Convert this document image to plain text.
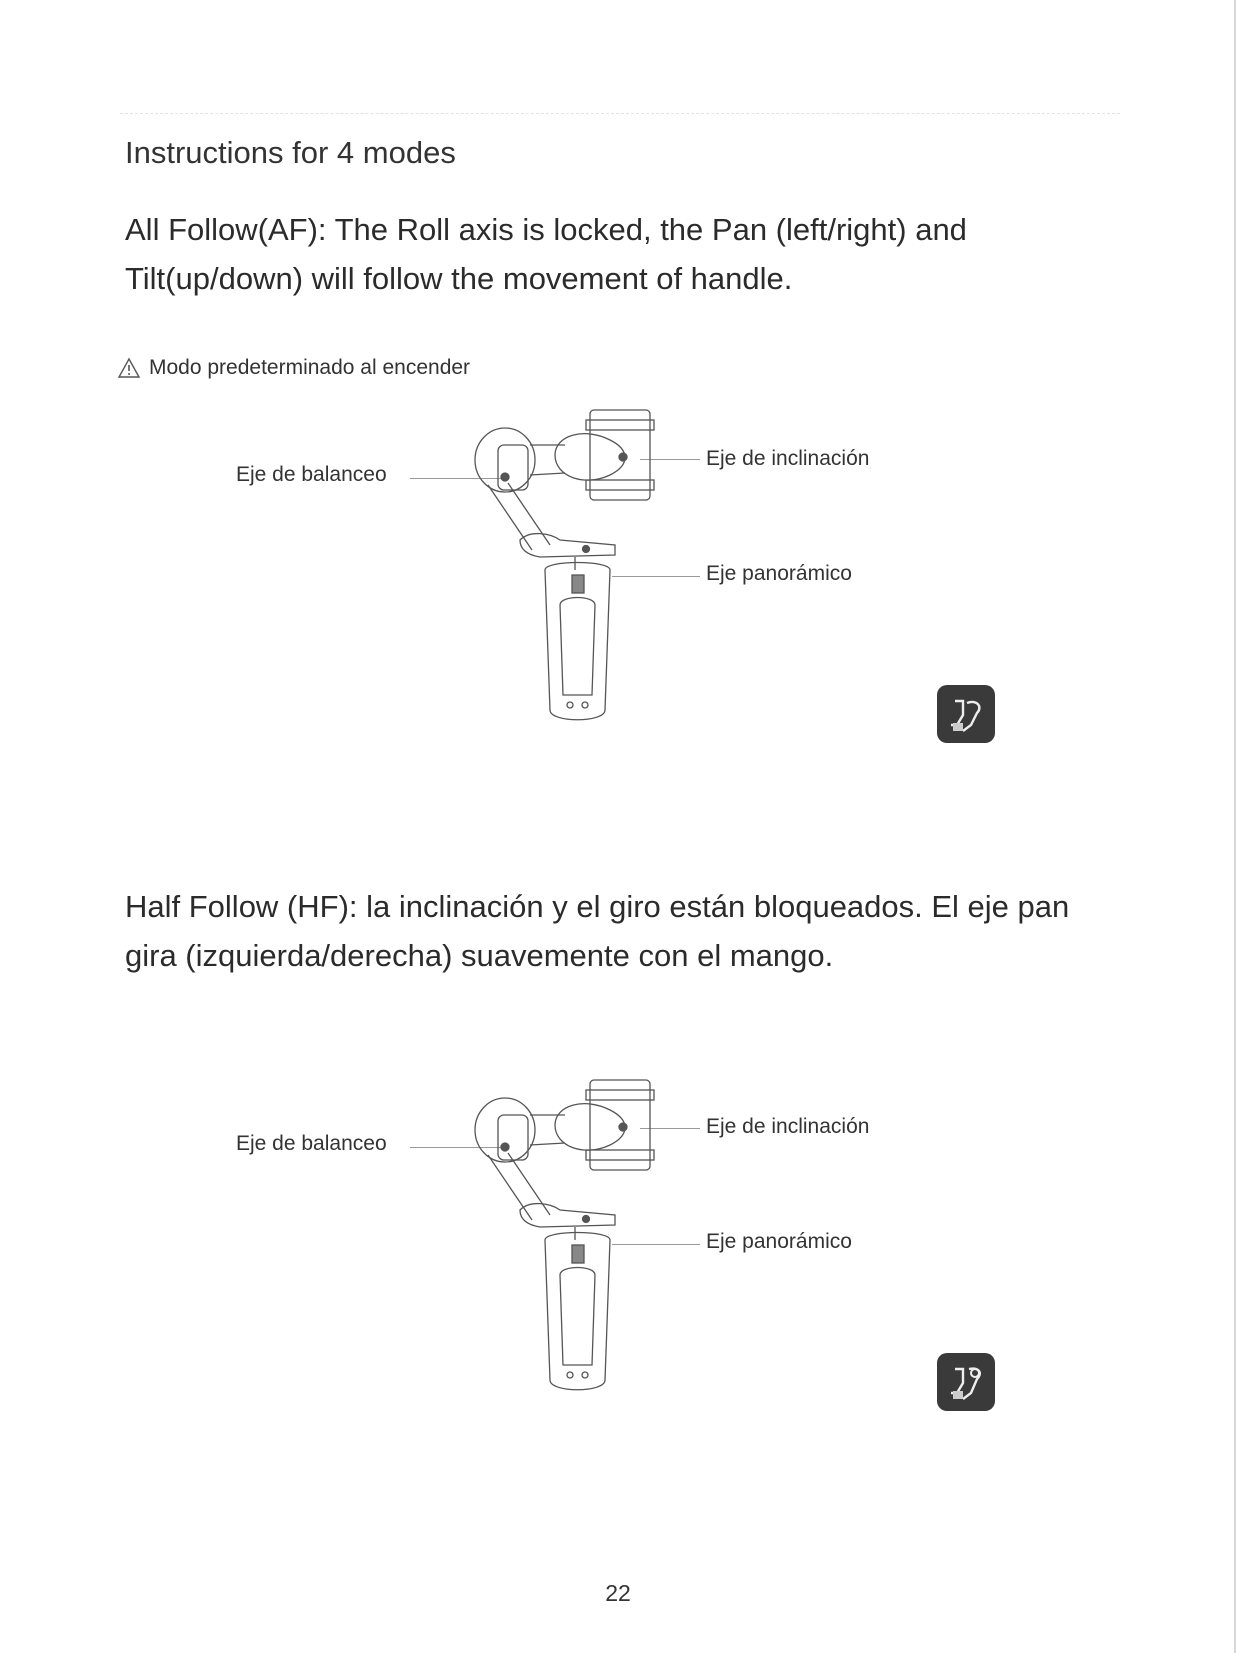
Instructions for 4 modes

All Follow(AF): The Roll axis is locked, the Pan (left/right) and Tilt(up/down) will follow the movement of handle.

Modo predeterminado al encender
Eje de balanceo
Eje de inclinación
Eje panorámico

Half Follow (HF): la inclinación y el giro están bloqueados. El eje pan gira (izquierda/derecha) suavemente con el mango.

Eje de balanceo
Eje de inclinación
Eje panorámico
22
